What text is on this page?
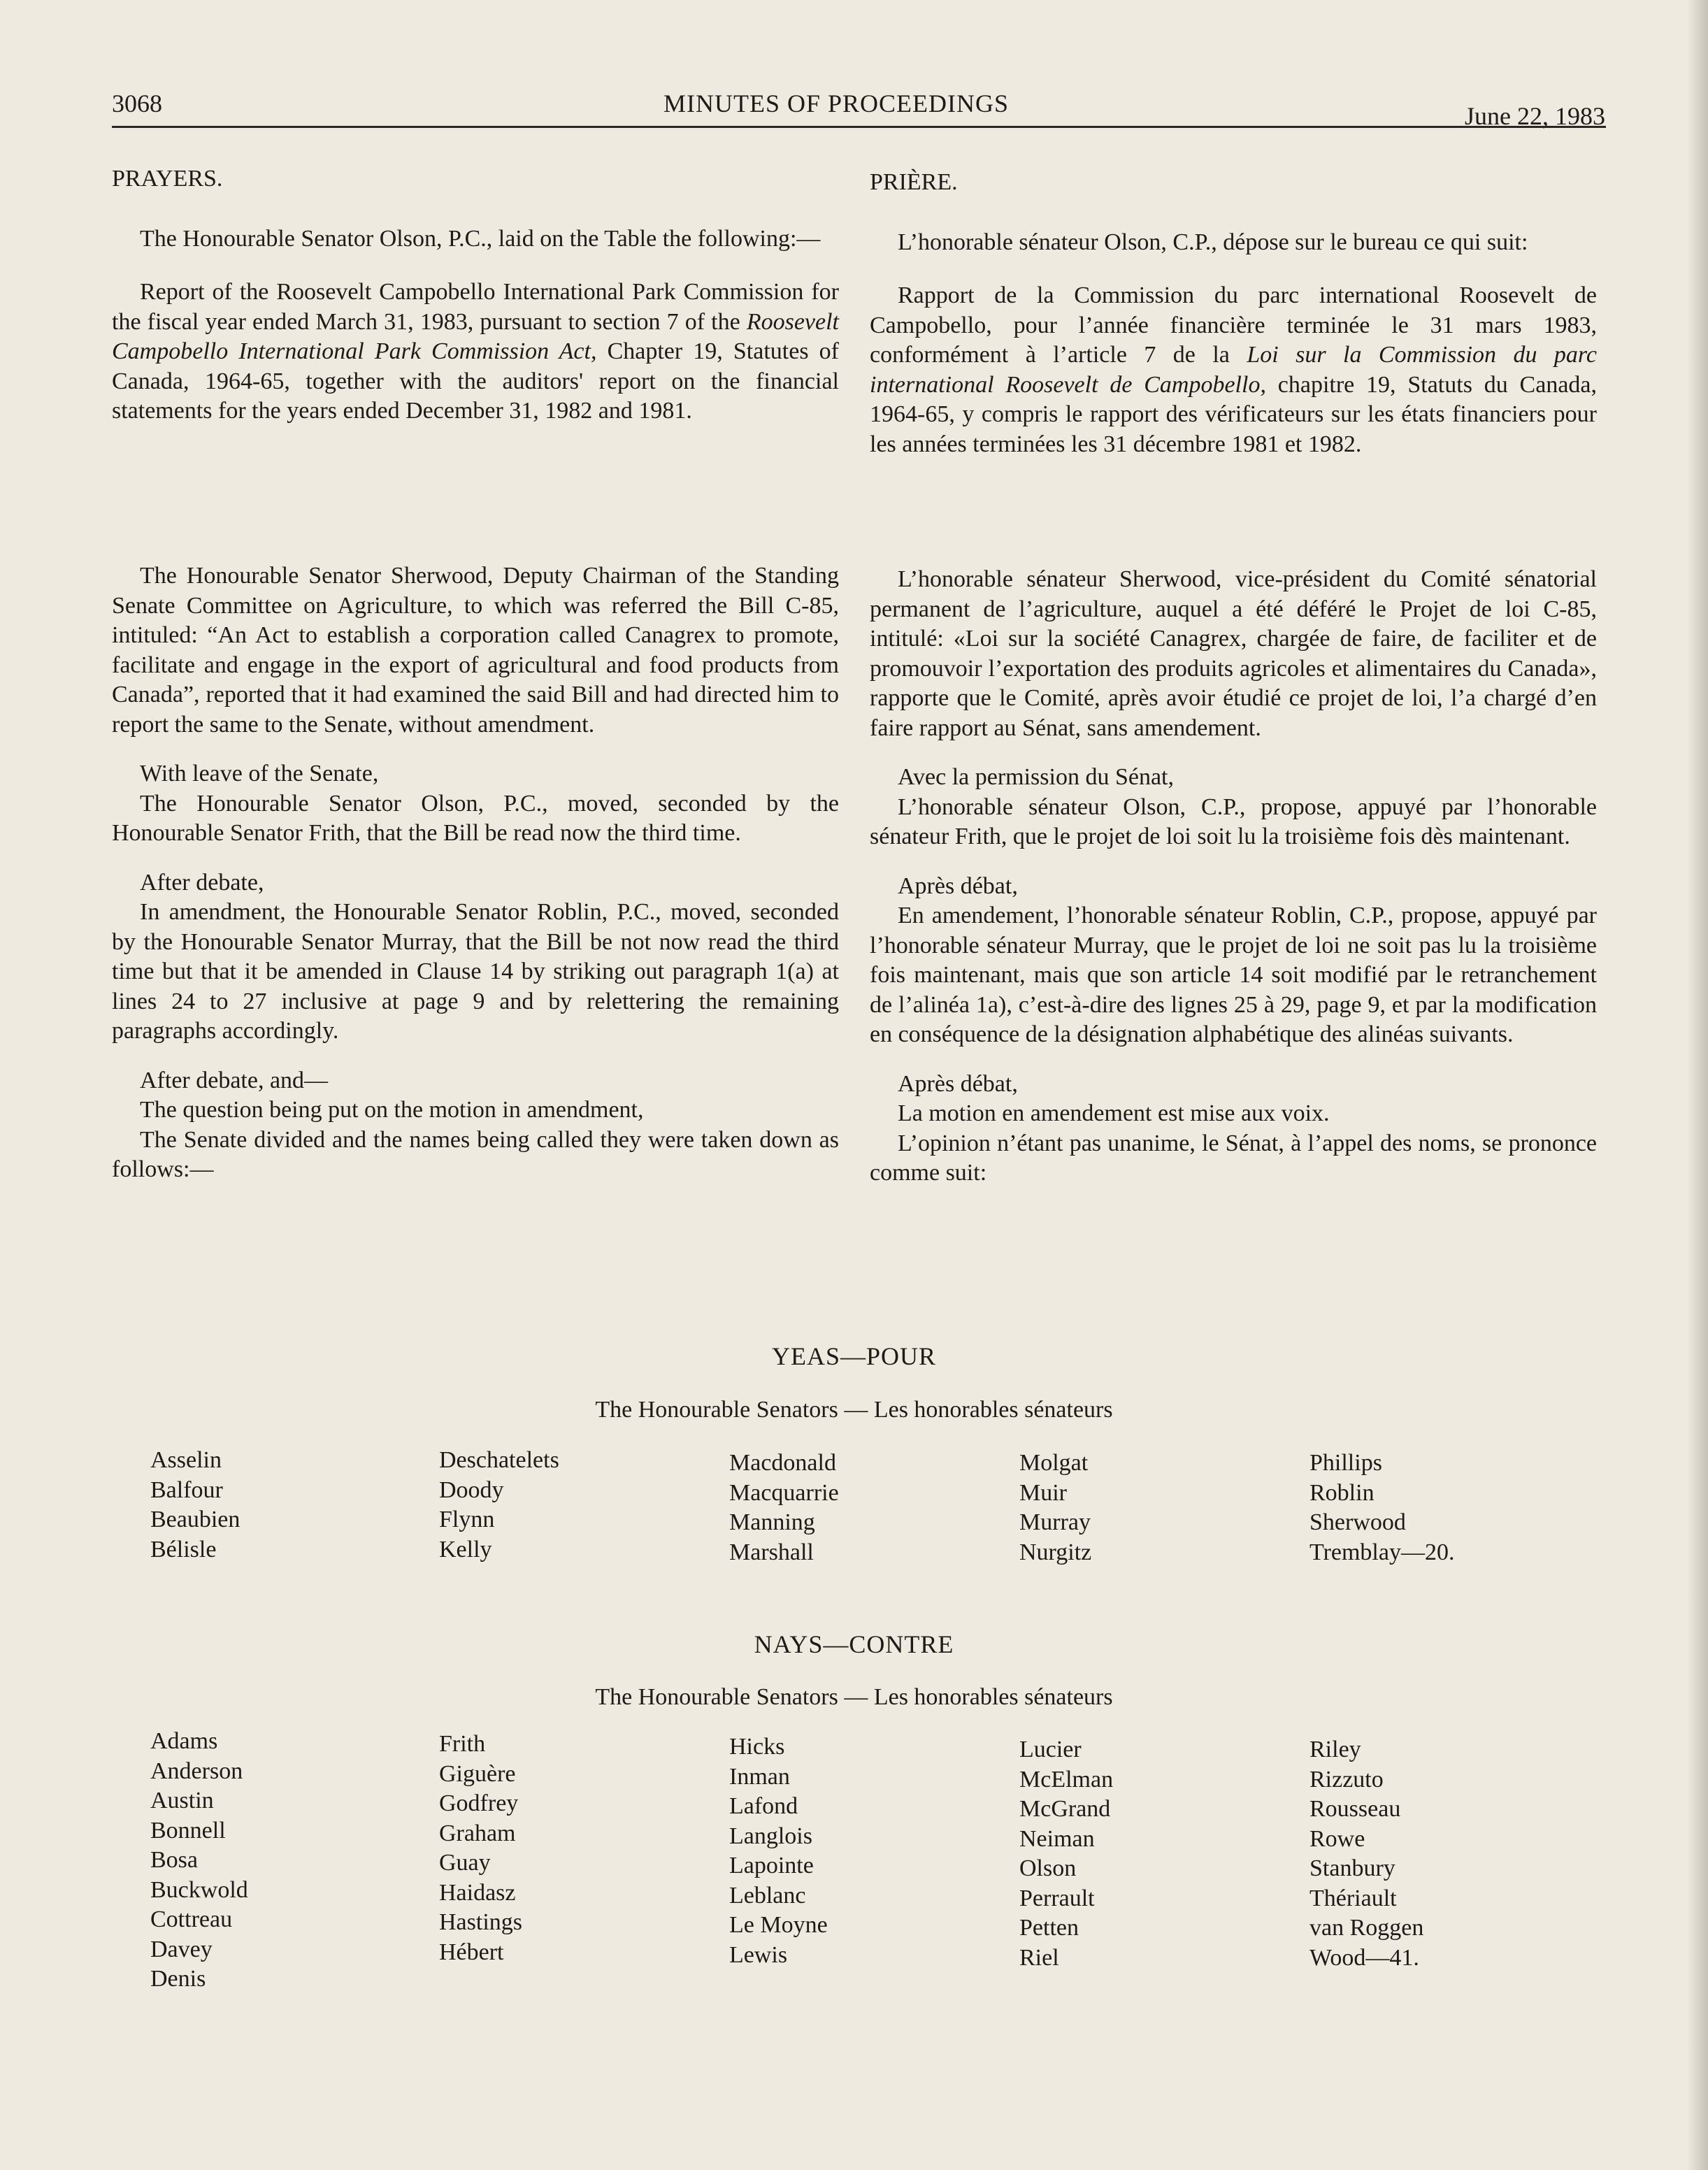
3068	MINUTES OF PROCEEDINGS	June 22, 1983

PRAYERS.

The Honourable Senator Olson, P.C., laid on the Table the following:—

Report of the Roosevelt Campobello International Park Commission for the fiscal year ended March 31, 1983, pursuant to section 7 of the Roosevelt Campobello International Park Commission Act, Chapter 19, Statutes of Canada, 1964-65, together with the auditors' report on the financial statements for the years ended December 31, 1982 and 1981.

The Honourable Senator Sherwood, Deputy Chairman of the Standing Senate Committee on Agriculture, to which was referred the Bill C-85, intituled: “An Act to establish a corporation called Canagrex to promote, facilitate and engage in the export of agricultural and food products from Canada”, reported that it had examined the said Bill and had directed him to report the same to the Senate, without amendment.

With leave of the Senate,

The Honourable Senator Olson, P.C., moved, seconded by the Honourable Senator Frith, that the Bill be read now the third time.

After debate,

In amendment, the Honourable Senator Roblin, P.C., moved, seconded by the Honourable Senator Murray, that the Bill be not now read the third time but that it be amended in Clause 14 by striking out paragraph 1(a) at lines 24 to 27 inclusive at page 9 and by relettering the remaining paragraphs accordingly.

After debate, and—

The question being put on the motion in amendment,

The Senate divided and the names being called they were taken down as follows:—

PRIÈRE.

L’honorable sénateur Olson, C.P., dépose sur le bureau ce qui suit:

Rapport de la Commission du parc international Roosevelt de Campobello, pour l’année financière terminée le 31 mars 1983, conformément à l’article 7 de la Loi sur la Commission du parc international Roosevelt de Campobello, chapitre 19, Statuts du Canada, 1964-65, y compris le rapport des vérificateurs sur les états financiers pour les années terminées les 31 décembre 1981 et 1982.

L’honorable sénateur Sherwood, vice-président du Comité sénatorial permanent de l’agriculture, auquel a été déféré le Projet de loi C-85, intitulé: «Loi sur la société Canagrex, chargée de faire, de faciliter et de promouvoir l’exportation des produits agricoles et alimentaires du Canada», rapporte que le Comité, après avoir étudié ce projet de loi, l’a chargé d’en faire rapport au Sénat, sans amendement.

Avec la permission du Sénat,

L’honorable sénateur Olson, C.P., propose, appuyé par l’honorable sénateur Frith, que le projet de loi soit lu la troisième fois dès maintenant.

Après débat,

En amendement, l’honorable sénateur Roblin, C.P., propose, appuyé par l’honorable sénateur Murray, que le projet de loi ne soit pas lu la troisième fois maintenant, mais que son article 14 soit modifié par le retranchement de l’alinéa 1a), c’est-à-dire des lignes 25 à 29, page 9, et par la modification en conséquence de la désignation alphabétique des alinéas suivants.

Après débat,

La motion en amendement est mise aux voix.

L’opinion n’étant pas unanime, le Sénat, à l’appel des noms, se prononce comme suit:

YEAS—POUR
The Honourable Senators — Les honorables sénateurs
Asselin
Balfour
Beaubien
Bélisle
Deschatelets
Doody
Flynn
Kelly
Macdonald
Macquarrie
Manning
Marshall
Molgat
Muir
Murray
Nurgitz
Phillips
Roblin
Sherwood
Tremblay—20.
NAYS—CONTRE
The Honourable Senators — Les honorables sénateurs
Adams
Anderson
Austin
Bonnell
Bosa
Buckwold
Cottreau
Davey
Denis
Frith
Giguère
Godfrey
Graham
Guay
Haidasz
Hastings
Hébert
Hicks
Inman
Lafond
Langlois
Lapointe
Leblanc
Le Moyne
Lewis
Lucier
McElman
McGrand
Neiman
Olson
Perrault
Petten
Riel
Riley
Rizzuto
Rousseau
Rowe
Stanbury
Thériault
van Roggen
Wood—41.
